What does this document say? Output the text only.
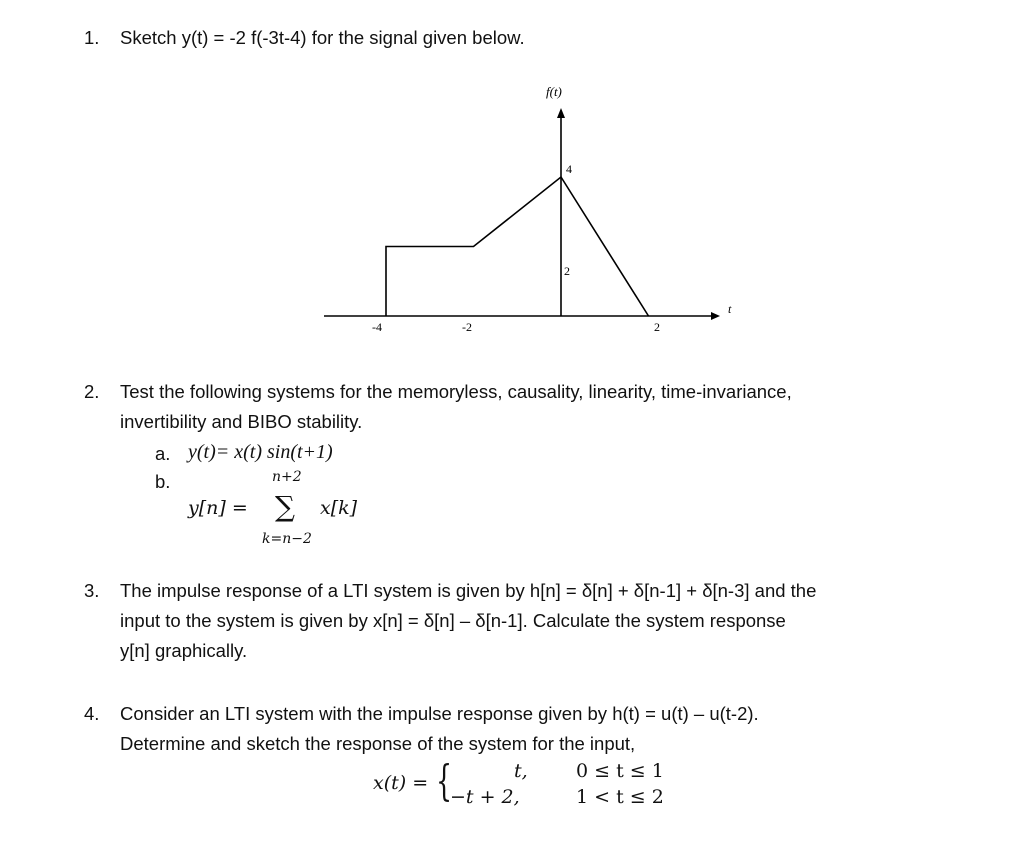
1. Sketch y(t) = -2 f(-3t-4) for the signal given below.
f(t)
t
4
2
-4	-2	2
2. Test the following systems for the memoryless, causality, linearity, time-invariance,
invertibility and BIBO stability.
a. y(t)= x(t) sin(t+1)
b.	n+2
y[n] = ∑ x[k]
k=n−2
3. The impulse response of a LTI system is given by h[n] = δ[n] + δ[n-1] + δ[n-3] and the
input to the system is given by x[n] = δ[n] – δ[n-1]. Calculate the system response
y[n] graphically.
4. Consider an LTI system with the impulse response given by h(t) = u(t) – u(t-2).
Determine and sketch the response of the system for the input,
x(t) = {	t,	0 ≤ t ≤ 1
−t + 2,	1 < t ≤ 2
